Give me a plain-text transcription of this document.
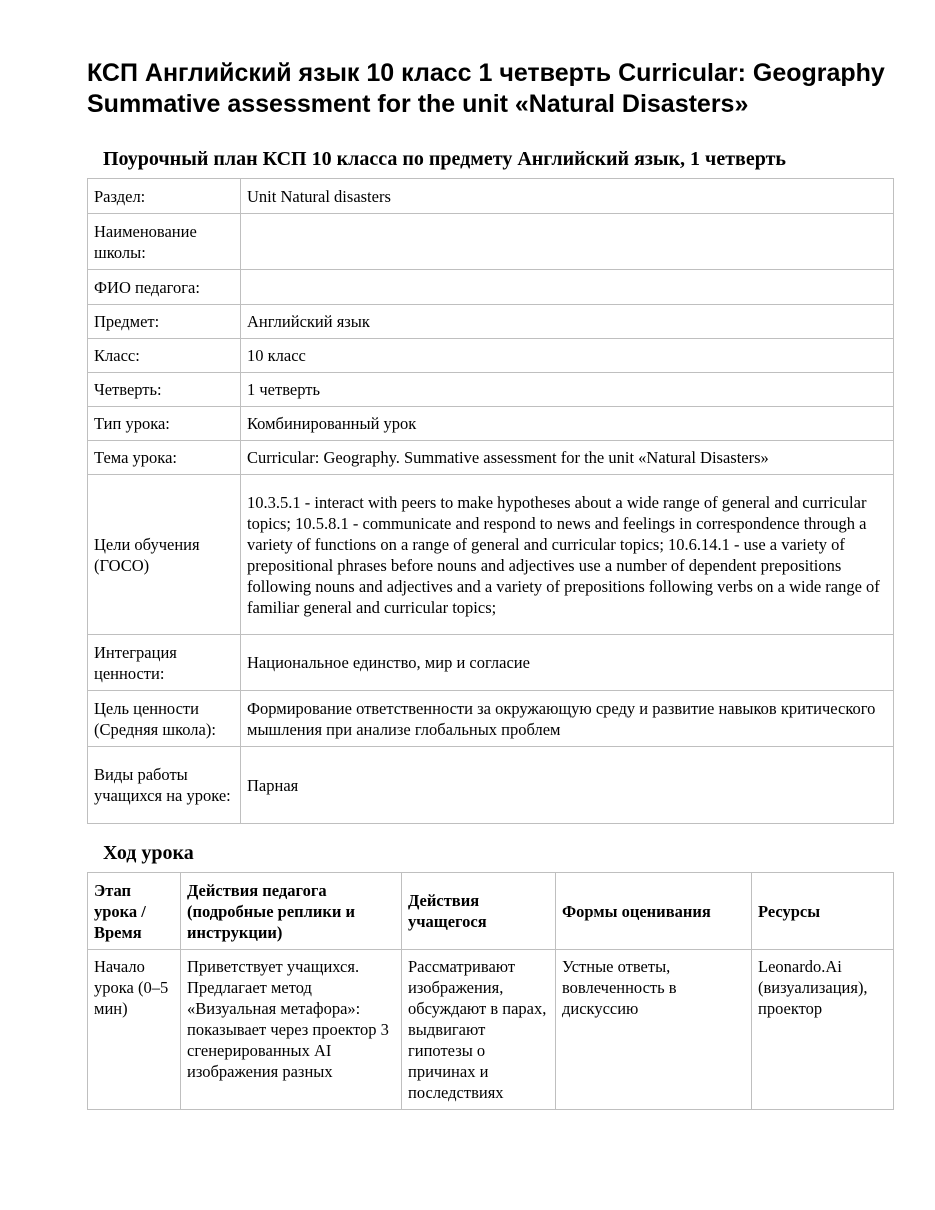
КСП Английский язык 10 класс 1 четверть Curricular: Geography Summative assessment for the unit «Natural Disasters»
Поурочный план КСП 10 класса по предмету Английский язык, 1 четверть
Раздел:	Unit Natural disasters
Наименование школы:	
ФИО педагога:	
Предмет:	Английский язык
Класс:	10 класс
Четверть:	1 четверть
Тип урока:	Комбинированный урок
Тема урока:	Curricular: Geography. Summative assessment for the unit «Natural Disasters»
Цели обучения (ГОСО)	10.3.5.1 - interact with peers to make hypotheses about a wide range of general and curricular topics; 10.5.8.1 - communicate and respond to news and feelings in correspondence through a variety of functions on a range of general and curricular topics; 10.6.14.1 - use a variety of prepositional phrases before nouns and adjectives use a number of dependent prepositions following nouns and adjectives and a variety of prepositions following verbs on a wide range of familiar general and curricular topics;
Интеграция ценности:	Национальное единство, мир и согласие
Цель ценности (Средняя школа):	Формирование ответственности за окружающую среду и развитие навыков критического мышления при анализе глобальных проблем
Виды работы учащихся на уроке:	Парная
Ход урока
Этап урока / Время	Действия педагога (подробные реплики и инструкции)	Действия учащегося	Формы оценивания	Ресурсы
Начало урока (0–5 мин)	Приветствует учащихся. Предлагает метод «Визуальная метафора»: показывает через проектор 3 сгенерированных AI изображения разных	Рассматривают изображения, обсуждают в парах, выдвигают гипотезы о причинах и последствиях	Устные ответы, вовлеченность в дискуссию	Leonardo.Ai (визуализация), проектор
